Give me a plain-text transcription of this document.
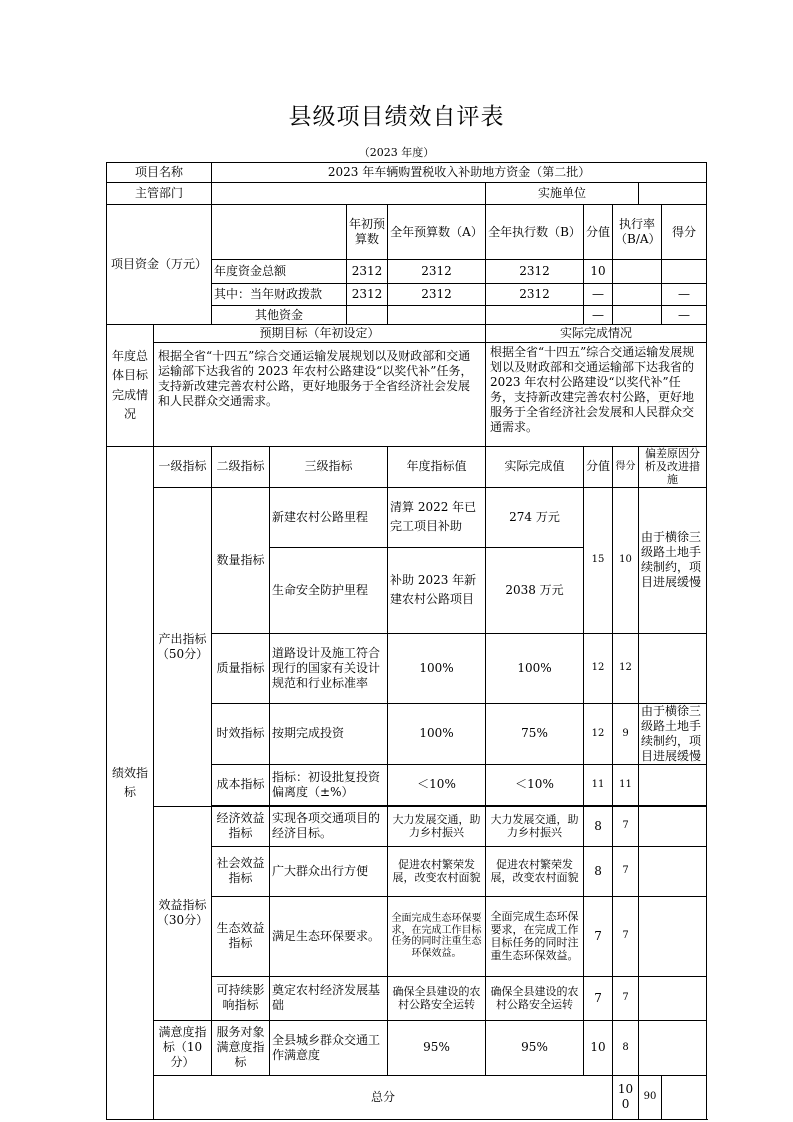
县级项目绩效自评表
（2023 年度）
项目名称		2023 年车辆购置税收入补助地方资金（第二批）								
主管部门						实施单位				
项目资金（万元）				年初预算数	全年预算数（A）	全年执行数（B）	分值	执行率（B/A）		得分
		年度资金总额		2312	2312	2312	10			
		其中：当年财政拨款		2312	2312	2312	—			—
		其他资金					—			—
年度总体目标完成情况	预期目标（年初设定）					实际完成情况				
	根据全省“十四五”综合交通运输发展规划以及财政部和交通运输部下达我省的 2023 年农村公路建设“以奖代补”任务，支持新改建完善农村公路，更好地服务于全省经济社会发展和人民群众交通需求。					根据全省“十四五”综合交通运输发展规划以及财政部和交通运输部下达我省的 2023 年农村公路建设“以奖代补”任务，支持新改建完善农村公路，更好地服务于全省经济社会发展和人民群众交通需求。				
绩效指标	一级指标	二级指标	三级指标		年度指标值	实际完成值	分值	得分	偏差原因分析及改进措施	
	产出指标（50分）	数量指标	新建农村公路里程		清算 2022 年已完工项目补助	274 万元	15	10	由于横徐三级路土地手续制约，项目进展缓慢	
			生命安全防护里程		补助 2023 年新建农村公路项目	2038 万元				
		质量指标	道路设计及施工符合现行的国家有关设计规范和行业标准率		100%	100%	12	12		
		时效指标	按期完成投资		100%	75%	12	9	由于横徐三级路土地手续制约，项目进展缓慢	
		成本指标	指标：初设批复投资偏离度（±%）		＜10%	＜10%	11	11		

	效益指标（30分）	经济效益指标	实现各项交通项目的经济目标。		大力发展交通，助力乡村振兴	大力发展交通，助力乡村振兴	8	7		
		社会效益指标	广大群众出行方便		促进农村繁荣发展，改变农村面貌	促进农村繁荣发展，改变农村面貌	8	7		
		生态效益指标	满足生态环保要求。		全面完成生态环保要求，在完成工作目标任务的同时注重生态环保效益。	全面完成生态环保要求，在完成工作目标任务的同时注重生态环保效益。	7	7		
		可持续影响指标	奠定农村经济发展基础		确保全县建设的农村公路安全运转	确保全县建设的农村公路安全运转	7	7		
	满意度指标（10分）	服务对象满意度指标	全县城乡群众交通工作满意度		95%	95%	10	8		
	总分							100	90	
